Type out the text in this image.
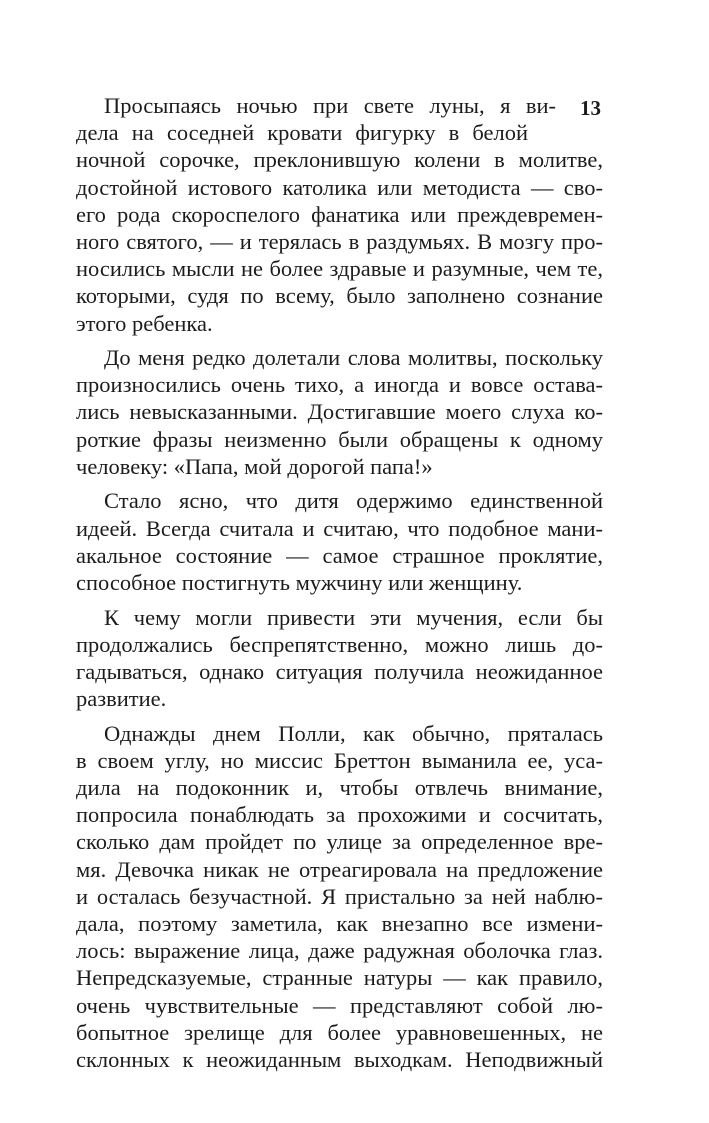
13
Просыпаясь ночью при свете луны, я ви-
дела на соседней кровати фигурку в белой
ночной сорочке, преклонившую колени в молитве,
достойной истового католика или методиста — сво-
его рода скороспелого фанатика или преждевремен-
ного святого, — и терялась в раздумьях. В мозгу про-
носились мысли не более здравые и разумные, чем те,
которыми, судя по всему, было заполнено сознание
этого ребенка.
До меня редко долетали слова молитвы, поскольку
произносились очень тихо, а иногда и вовсе остава-
лись невысказанными. Достигавшие моего слуха ко-
роткие фразы неизменно были обращены к одному
человеку: «Папа, мой дорогой папа!»
Стало ясно, что дитя одержимо единственной
идеей. Всегда считала и считаю, что подобное мани-
акальное состояние — самое страшное проклятие,
способное постигнуть мужчину или женщину.
К чему могли привести эти мучения, если бы
продолжались беспрепятственно, можно лишь до-
гадываться, однако ситуация получила неожиданное
развитие.
Однажды днем Полли, как обычно, пряталась
в своем углу, но миссис Бреттон выманила ее, уса-
дила на подоконник и, чтобы отвлечь внимание,
попросила понаблюдать за прохожими и сосчитать,
сколько дам пройдет по улице за определенное вре-
мя. Девочка никак не отреагировала на предложение
и осталась безучастной. Я пристально за ней наблю-
дала, поэтому заметила, как внезапно все измени-
лось: выражение лица, даже радужная оболочка глаз.
Непредсказуемые, странные натуры — как правило,
очень чувствительные — представляют собой лю-
бопытное зрелище для более уравновешенных, не
склонных к неожиданным выходкам. Неподвижный
